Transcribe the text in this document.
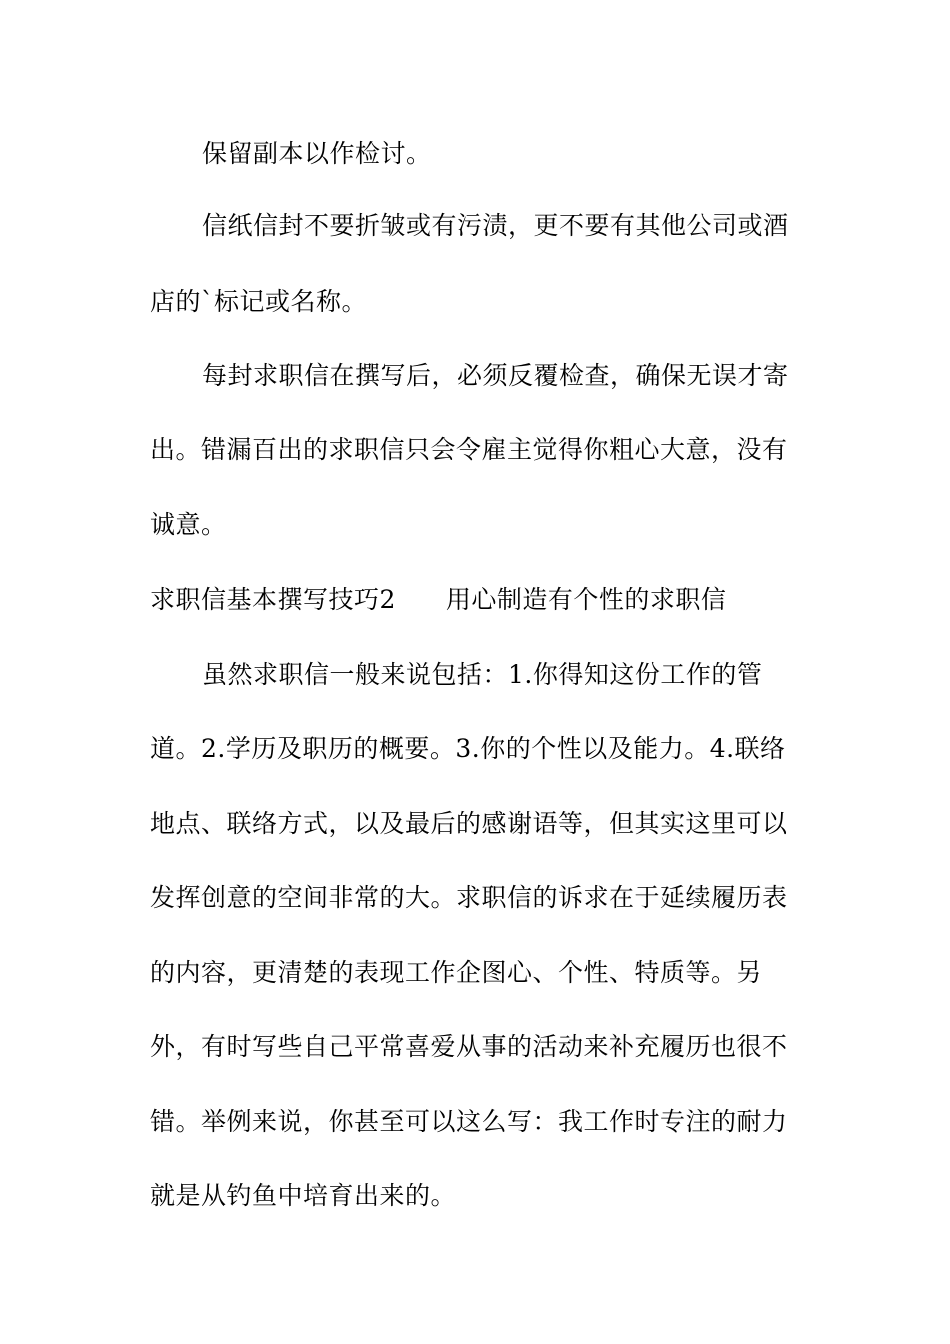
保留副本以作检讨。
信纸信封不要折皱或有污渍，更不要有其他公司或酒
店的`标记或名称。
每封求职信在撰写后，必须反覆检查，确保无误才寄
出。错漏百出的求职信只会令雇主觉得你粗心大意，没有
诚意。
求职信基本撰写技巧2 用心制造有个性的求职信
虽然求职信一般来说包括：1.你得知这份工作的管
道。2.学历及职历的概要。3.你的个性以及能力。4.联络
地点、联络方式，以及最后的感谢语等，但其实这里可以
发挥创意的空间非常的大。求职信的诉求在于延续履历表
的内容，更清楚的表现工作企图心、个性、特质等。另
外，有时写些自己平常喜爱从事的活动来补充履历也很不
错。举例来说，你甚至可以这么写：我工作时专注的耐力
就是从钓鱼中培育出来的。
